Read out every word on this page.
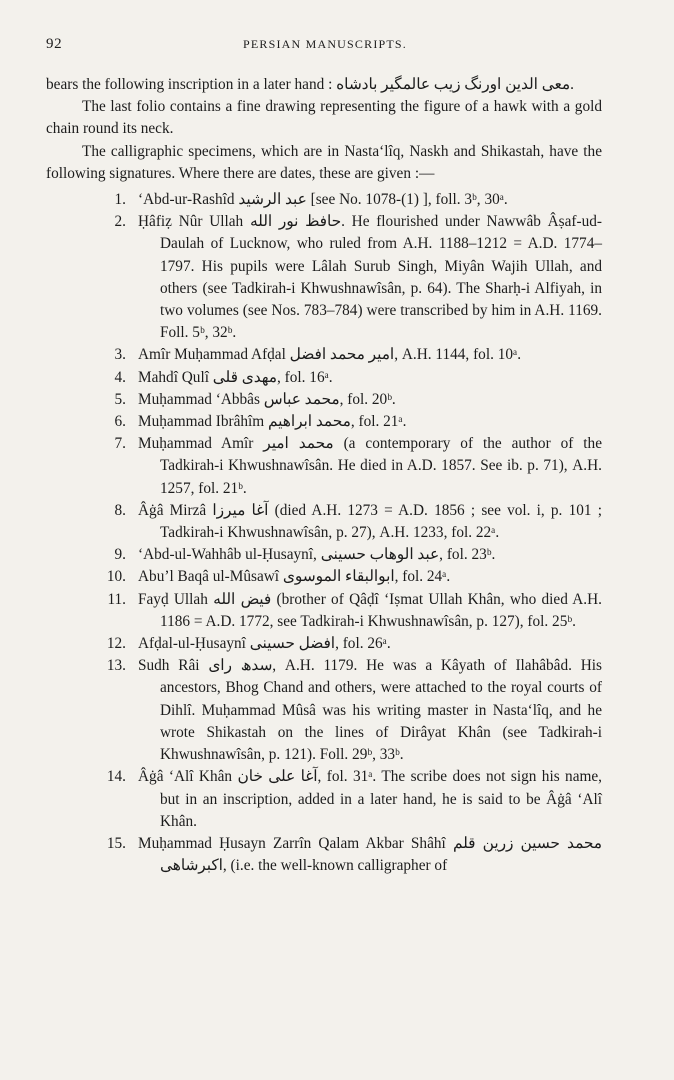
92	PERSIAN MANUSCRIPTS.

bears the following inscription in a later hand : معی الدین اورنگ زیب عالمگیر بادشاه.

The last folio contains a fine drawing representing the figure of a hawk with a gold chain round its neck.

The calligraphic specimens, which are in Nasta‘lîq, Naskh and Shikastah, have the following signatures. Where there are dates, these are given :—

1. ‘Abd-ur-Rashîd عبد الرشید [see No. 1078-(1) ], foll. 3ᵇ, 30ᵃ.
2. Ḥâfiẓ Nûr Ullah حافظ نور الله. He flourished under Nawwâb Âṣaf-ud-Daulah of Lucknow, who ruled from A.H. 1188–1212 = A.D. 1774–1797. His pupils were Lâlah Surub Singh, Miyân Wajih Ullah, and others (see Tadkirah-i Khwushnawîsân, p. 64). The Sharḥ-i Alfiyah, in two volumes (see Nos. 783–784) were transcribed by him in A.H. 1169. Foll. 5ᵇ, 32ᵇ.
3. Amîr Muḥammad Afḍal امیر محمد افضل, A.H. 1144, fol. 10ᵃ.
4. Mahdî Qulî مهدی قلی, fol. 16ᵃ.
5. Muḥammad ‘Abbâs محمد عباس, fol. 20ᵇ.
6. Muḥammad Ibrâhîm محمد ابراهیم, fol. 21ᵃ.
7. Muḥammad Amîr محمد امیر (a contemporary of the author of the Tadkirah-i Khwushnawîsân. He died in A.D. 1857. See ib. p. 71), A.H. 1257, fol. 21ᵇ.
8. Âġâ Mirzâ آغا میرزا (died A.H. 1273 = A.D. 1856 ; see vol. i, p. 101 ; Tadkirah-i Khwushnawîsân, p. 27), A.H. 1233, fol. 22ᵃ.
9. ‘Abd-ul-Wahhâb ul-Ḥusaynî, عبد الوهاب حسینی, fol. 23ᵇ.
10. Abu’l Baqâ ul-Mûsawî ابوالبقاء الموسوی, fol. 24ᵃ.
11. Fayḍ Ullah فیض الله (brother of Qâḍî ‘Iṣmat Ullah Khân, who died A.H. 1186 = A.D. 1772, see Tadkirah-i Khwushnawîsân, p. 127), fol. 25ᵇ.
12. Afḍal-ul-Ḥusaynî افضل حسینی, fol. 26ᵃ.
13. Sudh Râi سدھ رای, A.H. 1179. He was a Kâyath of Ilahâbâd. His ancestors, Bhog Chand and others, were attached to the royal courts of Dihlî. Muḥammad Mûsâ was his writing master in Nasta‘lîq, and he wrote Shikastah on the lines of Dirâyat Khân (see Tadkirah-i Khwushnawîsân, p. 121). Foll. 29ᵇ, 33ᵇ.
14. Âġâ ‘Alî Khân آغا علی خان, fol. 31ᵃ. The scribe does not sign his name, but in an inscription, added in a later hand, he is said to be Âġâ ‘Alî Khân.
15. Muḥammad Ḥusayn Zarrîn Qalam Akbar Shâhî محمد حسین زرین قلم اکبرشاهی, (i.e. the well-known calligrapher of
